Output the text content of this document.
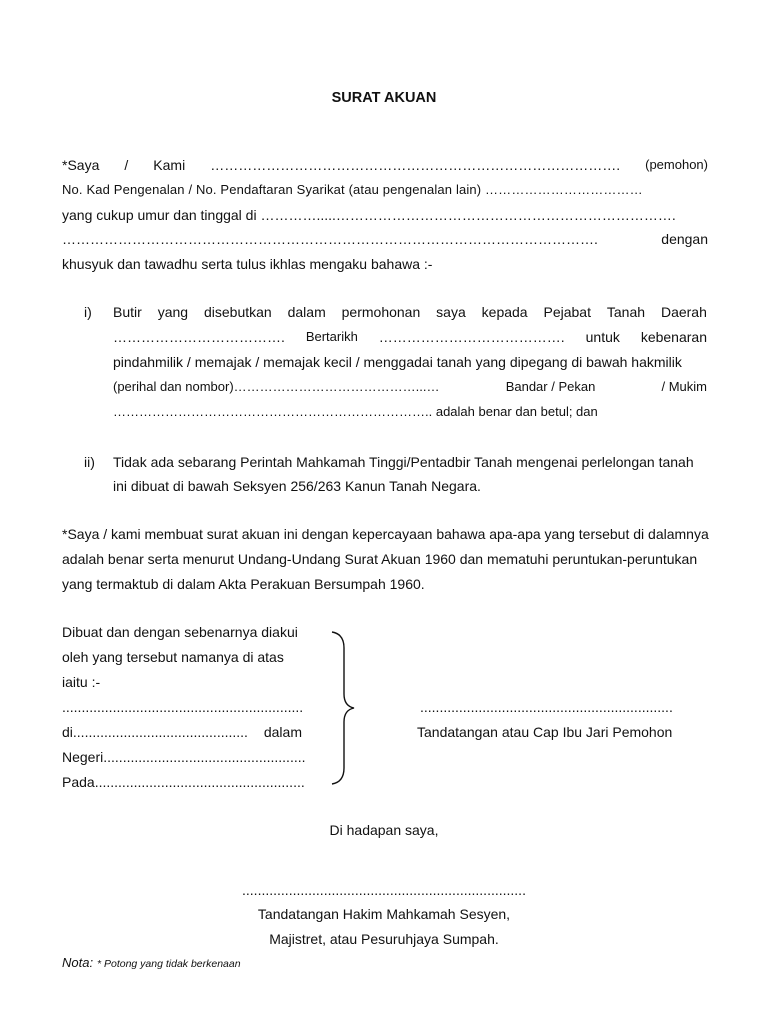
SURAT AKUAN
*Saya / Kami ……………………………………………………………………………. (pemohon)
No. Kad Pengenalan / No. Pendaftaran Syarikat (atau pengenalan lain) ………………………………
yang cukup umur dan tinggal di ………….....……………………………………………………………….
…………………………………………………………………………………………………….	dengan
khusyuk dan tawadhu serta tulus ikhlas mengaku bahawa :-
i) Butir yang disebutkan dalam permohonan saya kepada Pejabat Tanah Daerah
………………………………. Bertarikh …………………………………. untuk kebenaran
pindahmilik / memajak / memajak kecil / menggadai tanah yang dipegang di bawah hakmilik
(perihal dan nombor)……………………………………...…	Bandar / Pekan	/ Mukim
……………………………………………………………….. adalah benar dan betul; dan
ii) Tidak ada sebarang Perintah Mahkamah Tinggi/Pentadbir Tanah mengenai perlelongan tanah
ini dibuat di bawah Seksyen 256/263 Kanun Tanah Negara.
*Saya / kami membuat surat akuan ini dengan kepercayaan bahawa apa-apa yang tersebut di dalamnya
adalah benar serta menurut Undang-Undang Surat Akuan 1960 dan mematuhi peruntukan-peruntukan
yang termaktub di dalam Akta Perakuan Bersumpah 1960.
Dibuat dan dengan sebenarnya diakui
oleh yang tersebut namanya di atas
iaitu :-
..............................................................
di............................................. dalam
Negeri....................................................
Pada......................................................
.................................................................
Tandatangan atau Cap Ibu Jari Pemohon
Di hadapan saya,
.........................................................................
Tandatangan Hakim Mahkamah Sesyen,
Majistret, atau Pesuruhjaya Sumpah.
Nota: * Potong yang tidak berkenaan
